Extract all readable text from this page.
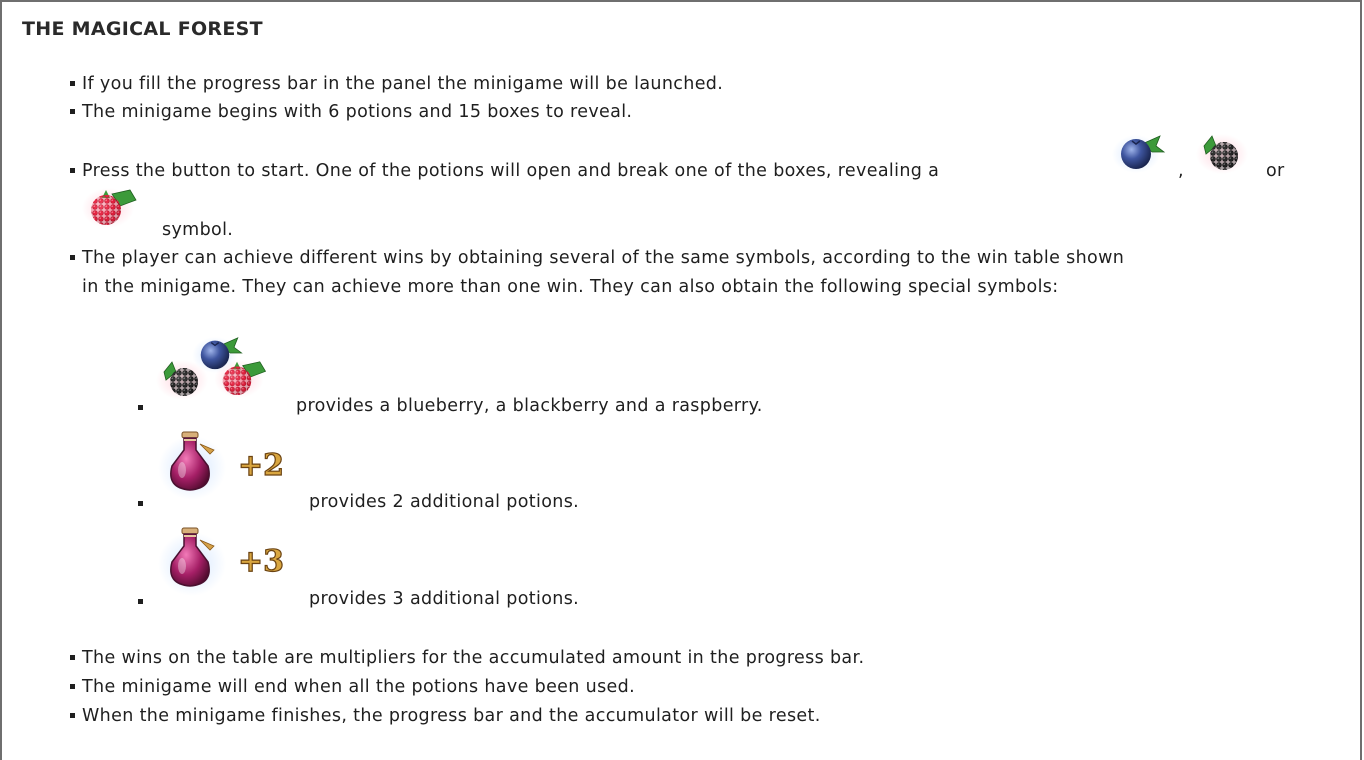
THE MAGICAL FOREST
If you fill the progress bar in the panel the minigame will be launched.
The minigame begins with 6 potions and 15 boxes to reveal.
Press the button to start. One of the potions will open and break one of the boxes, revealing a	,	or
symbol.
The player can achieve different wins by obtaining several of the same symbols, according to the win table shown
in the minigame. They can achieve more than one win. They can also obtain the following special symbols:
provides a blueberry, a blackberry and a raspberry.
+2
provides 2 additional potions.
+3
provides 3 additional potions.
The wins on the table are multipliers for the accumulated amount in the progress bar.
The minigame will end when all the potions have been used.
When the minigame finishes, the progress bar and the accumulator will be reset.
